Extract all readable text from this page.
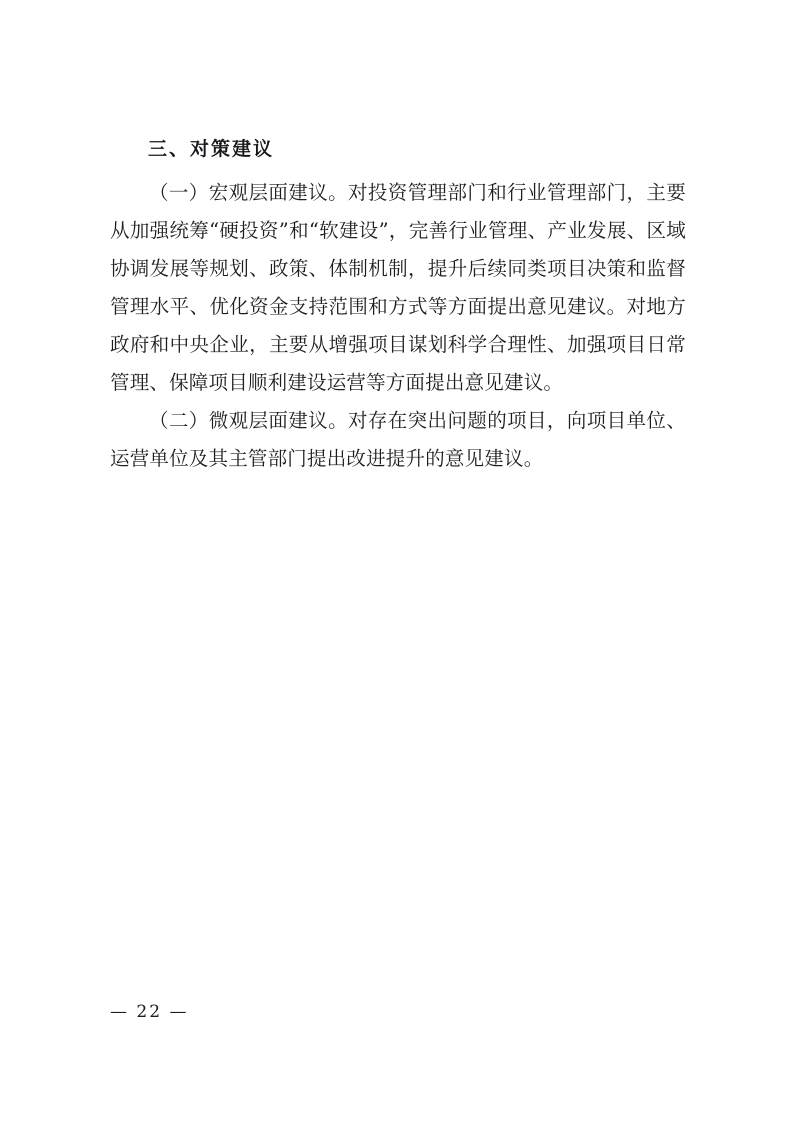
三、对策建议

（一）宏观层面建议。对投资管理部门和行业管理部门，主要从加强统筹“硬投资”和“软建设”，完善行业管理、产业发展、区域协调发展等规划、政策、体制机制，提升后续同类项目决策和监督管理水平、优化资金支持范围和方式等方面提出意见建议。对地方政府和中央企业，主要从增强项目谋划科学合理性、加强项目日常管理、保障项目顺利建设运营等方面提出意见建议。

（二）微观层面建议。对存在突出问题的项目，向项目单位、运营单位及其主管部门提出改进提升的意见建议。

— 22 —
